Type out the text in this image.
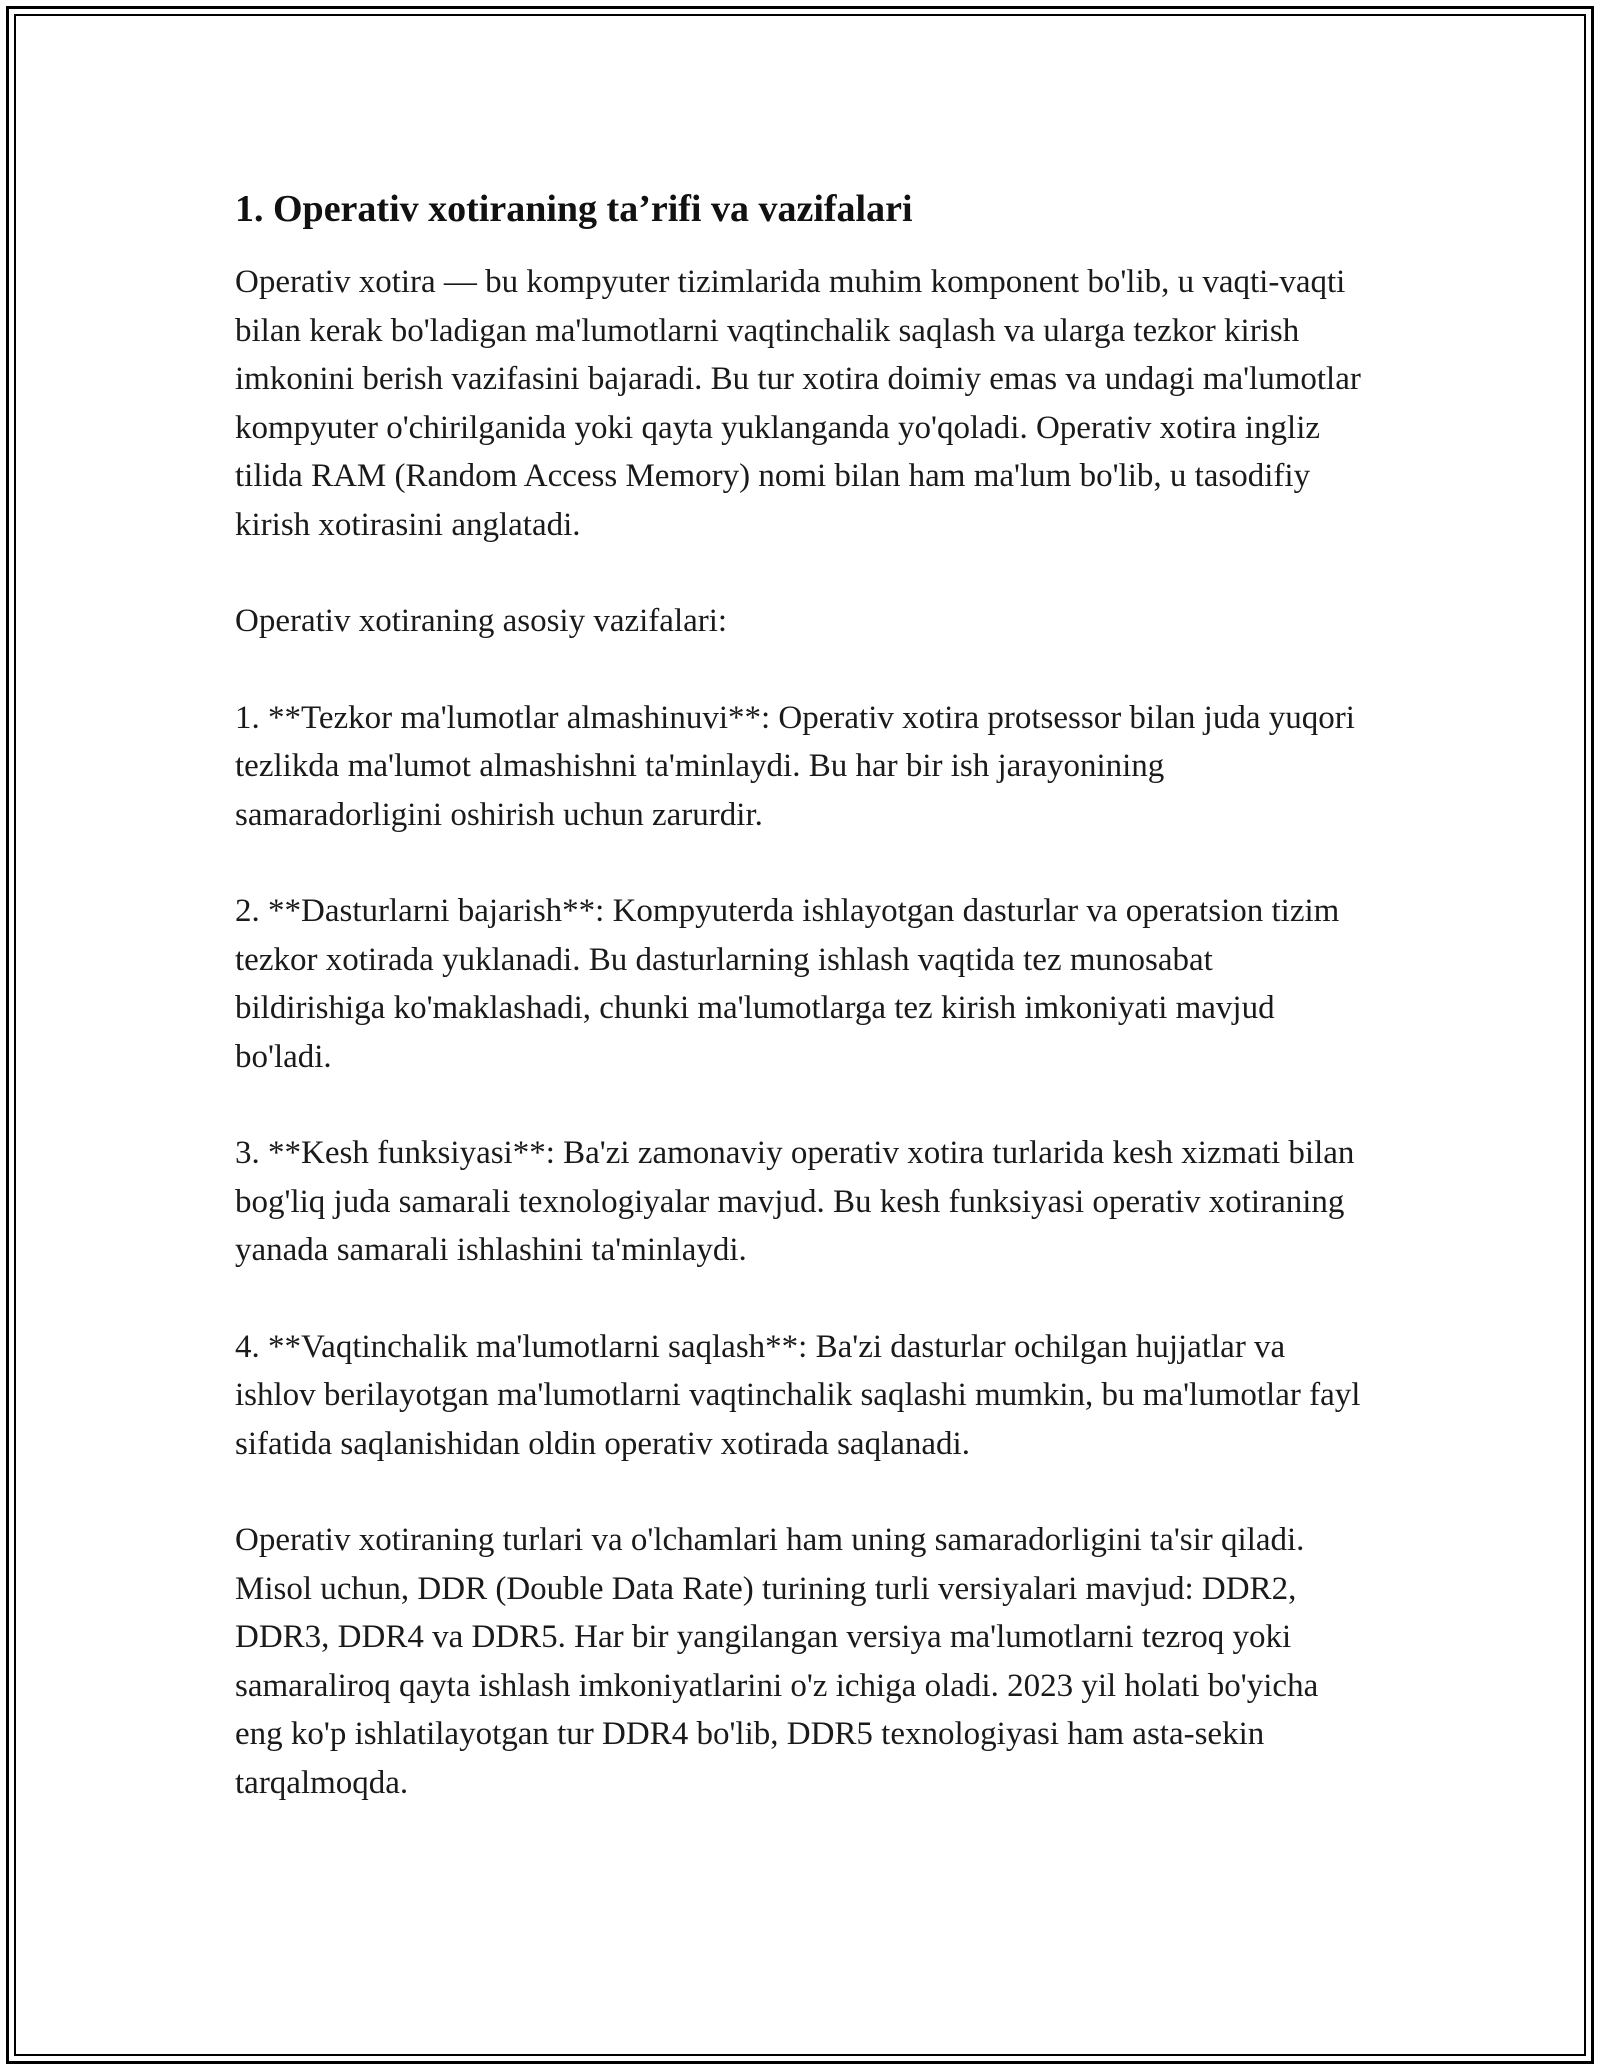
1. Operativ xotiraning ta’rifi va vazifalari

Operativ xotira — bu kompyuter tizimlarida muhim komponent bo'lib, u vaqti-vaqti bilan kerak bo'ladigan ma'lumotlarni vaqtinchalik saqlash va ularga tezkor kirish imkonini berish vazifasini bajaradi. Bu tur xotira doimiy emas va undagi ma'lumotlar kompyuter o'chirilganida yoki qayta yuklanganda yo'qoladi. Operativ xotira ingliz tilida RAM (Random Access Memory) nomi bilan ham ma'lum bo'lib, u tasodifiy kirish xotirasini anglatadi.

Operativ xotiraning asosiy vazifalari:

1. **Tezkor ma'lumotlar almashinuvi**: Operativ xotira protsessor bilan juda yuqori tezlikda ma'lumot almashishni ta'minlaydi. Bu har bir ish jarayonining samaradorligini oshirish uchun zarurdir.

2. **Dasturlarni bajarish**: Kompyuterda ishlayotgan dasturlar va operatsion tizim tezkor xotirada yuklanadi. Bu dasturlarning ishlash vaqtida tez munosabat bildirishiga ko'maklashadi, chunki ma'lumotlarga tez kirish imkoniyati mavjud bo'ladi.

3. **Kesh funksiyasi**: Ba'zi zamonaviy operativ xotira turlarida kesh xizmati bilan bog'liq juda samarali texnologiyalar mavjud. Bu kesh funksiyasi operativ xotiraning yanada samarali ishlashini ta'minlaydi.

4. **Vaqtinchalik ma'lumotlarni saqlash**: Ba'zi dasturlar ochilgan hujjatlar va ishlov berilayotgan ma'lumotlarni vaqtinchalik saqlashi mumkin, bu ma'lumotlar fayl sifatida saqlanishidan oldin operativ xotirada saqlanadi.

Operativ xotiraning turlari va o'lchamlari ham uning samaradorligini ta'sir qiladi. Misol uchun, DDR (Double Data Rate) turining turli versiyalari mavjud: DDR2, DDR3, DDR4 va DDR5. Har bir yangilangan versiya ma'lumotlarni tezroq yoki samaraliroq qayta ishlash imkoniyatlarini o'z ichiga oladi. 2023 yil holati bo'yicha eng ko'p ishlatilayotgan tur DDR4 bo'lib, DDR5 texnologiyasi ham asta-sekin tarqalmoqda.
